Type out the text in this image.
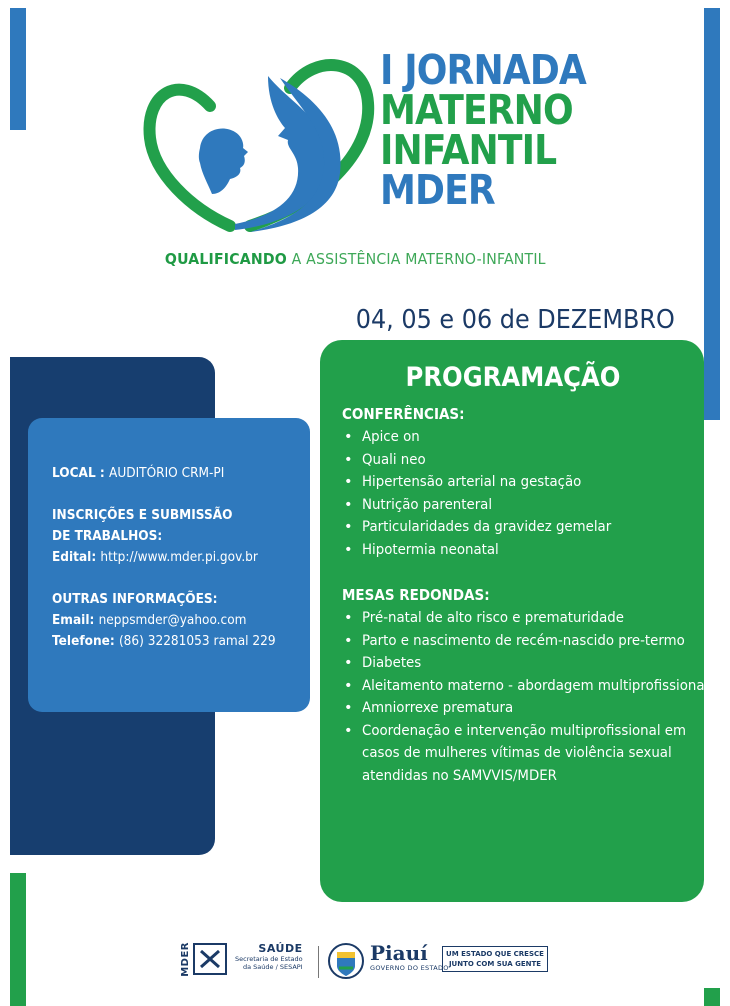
I JORNADA
MATERNO
INFANTIL
MDER
QUALIFICANDO A ASSISTÊNCIA MATERNO-INFANTIL
04, 05 e 06 de DEZEMBRO
LOCAL : AUDITÓRIO CRM-PI
INSCRIÇÕES E SUBMISSÃO
DE TRABALHOS:
Edital: http://www.mder.pi.gov.br
OUTRAS INFORMAÇÕES:
Email: neppsmder@yahoo.com
Telefone: (86) 32281053 ramal 229
PROGRAMAÇÃO
CONFERÊNCIAS:
• Apice on
• Quali neo
• Hipertensão arterial na gestação
• Nutrição parenteral
• Particularidades da gravidez gemelar
• Hipotermia neonatal
MESAS REDONDAS:
• Pré-natal de alto risco e prematuridade
• Parto e nascimento de recém-nascido pre-termo
• Diabetes
• Aleitamento materno - abordagem multiprofissional
• Amniorrexe prematura
• Coordenação e intervenção multiprofissional em casos de mulheres vítimas de violência sexual atendidas no SAMVVIS/MDER
MDER	SAÚDE
Secretaria de Estado
da Saúde / SESAPI
Piauí
GOVERNO DO ESTADO
UM ESTADO QUE CRESCE
JUNTO COM SUA GENTE
